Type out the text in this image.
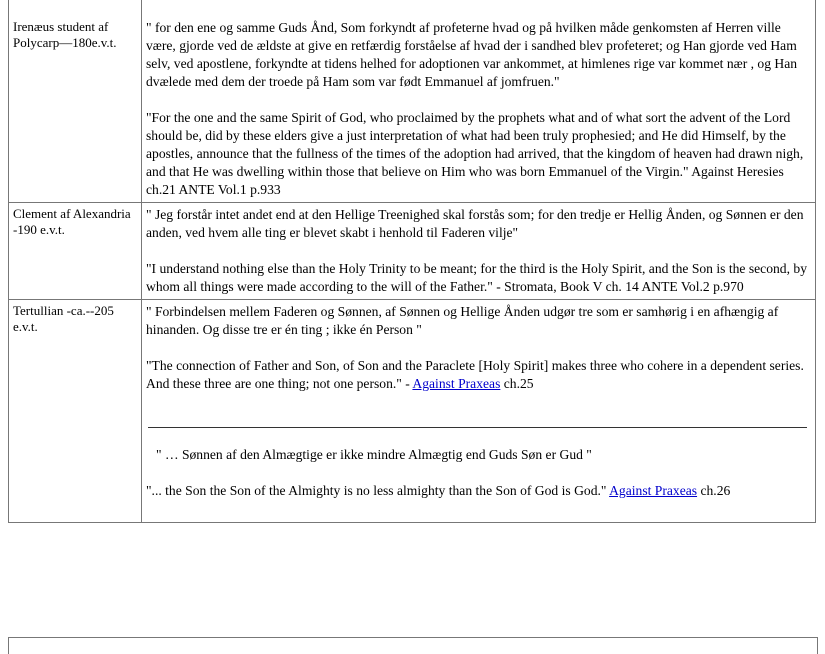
Irenæus student af Polycarp—180e.v.t.	" for den ene og samme Guds Ånd, Som forkyndt af profeterne hvad og på hvilken måde genkomsten af Herren ville være, gjorde ved de ældste at give en retfærdig forståelse af hvad der i sandhed blev profeteret; og Han gjorde ved Ham selv, ved apostlene, forkyndte at tidens helhed for adoptionen var ankommet, at himlenes rige var kommet nær , og Han dvælede med dem der troede på Ham som var født Emmanuel af jomfruen."

"For the one and the same Spirit of God, who proclaimed by the prophets what and of what sort the advent of the Lord should be, did by these elders give a just interpretation of what had been truly prophesied; and He did Himself, by the apostles, announce that the fullness of the times of the adoption had arrived, that the kingdom of heaven had drawn nigh, and that He was dwelling within those that believe on Him who was born Emmanuel of the Virgin." Against Heresies ch.21 ANTE Vol.1 p.933

Clement af Alexandria -190 e.v.t.	" Jeg forstår intet andet end at den Hellige Treenighed skal forstås som; for den tredje er Hellig Ånden, og Sønnen er den anden, ved hvem alle ting er blevet skabt i henhold til Faderen vilje"

"I understand nothing else than the Holy Trinity to be meant; for the third is the Holy Spirit, and the Son is the second, by whom all things were made according to the will of the Father." - Stromata, Book V ch. 14 ANTE Vol.2 p.970

Tertullian -ca.--205 e.v.t.	" Forbindelsen mellem Faderen og Sønnen, af Sønnen og Hellige Ånden udgør tre som er samhørig i en afhængig af hinanden. Og disse tre er én ting ; ikke én Person "

"The connection of Father and Son, of Son and the Paraclete [Holy Spirit] makes three who cohere in a dependent series. And these three are one thing; not one person." - Against Praxeas ch.25

" … Sønnen af den Almægtige er ikke mindre Almægtig end Guds Søn er Gud "

"... the Son the Son of the Almighty is no less almighty than the Son of God is God." Against Praxeas ch.26
